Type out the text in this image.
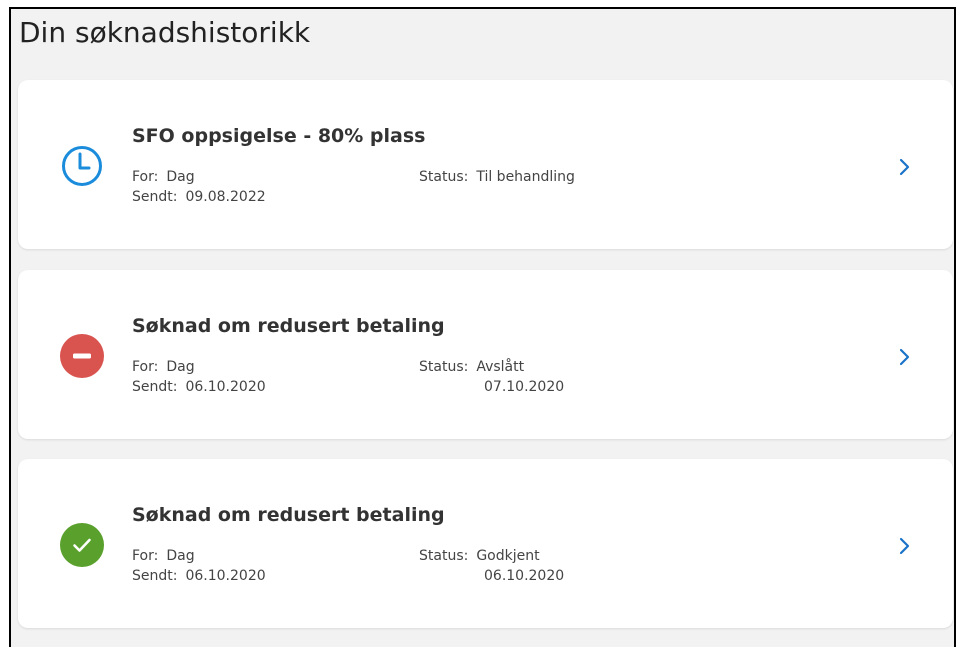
Din søknadshistorikk
SFO oppsigelse - 80% plass
For: Dag
Sendt: 09.08.2022
Status: Til behandling
Søknad om redusert betaling
For: Dag
Sendt: 06.10.2020
Status: Avslått
07.10.2020
Søknad om redusert betaling
For: Dag
Sendt: 06.10.2020
Status: Godkjent
06.10.2020
